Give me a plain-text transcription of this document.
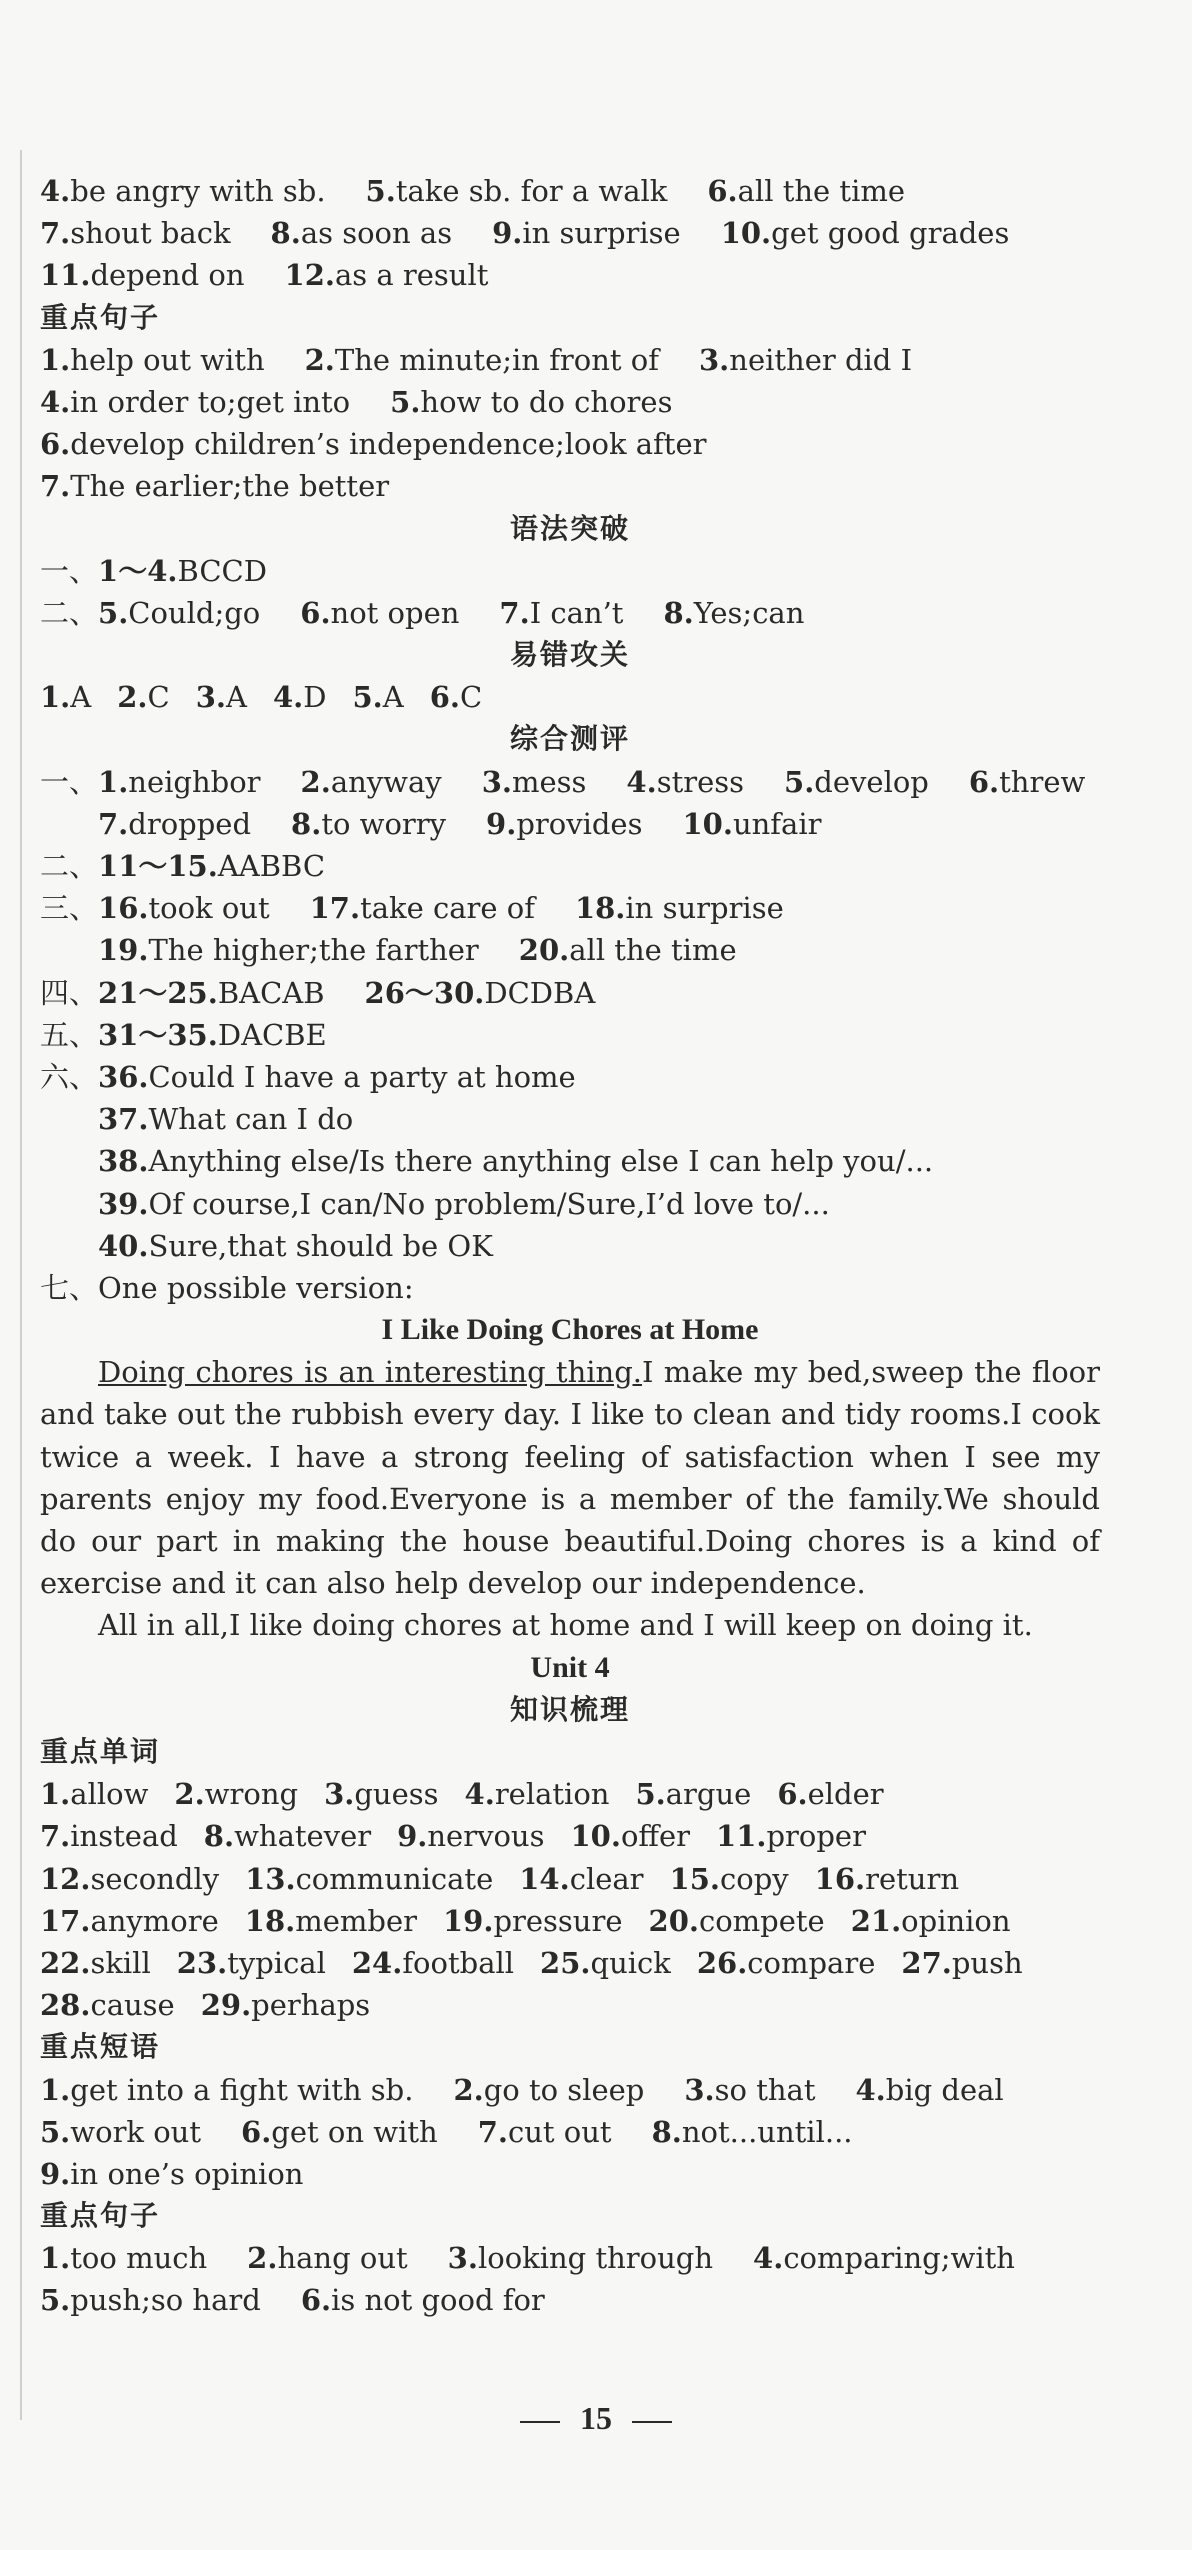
4.be angry with sb. 5.take sb. for a walk 6.all the time
7.shout back 8.as soon as 9.in surprise 10.get good grades
11.depend on 12.as a result
重点句子
1.help out with 2.The minute;in front of 3.neither did I
4.in order to;get into 5.how to do chores
6.develop children’s independence;look after
7.The earlier;the better
语法突破
一、1～4.BCCD
二、5.Could;go 6.not open 7.I can’t 8.Yes;can
易错攻关
1.A 2.C 3.A 4.D 5.A 6.C
综合测评
一、1.neighbor 2.anyway 3.mess 4.stress 5.develop 6.threw
7.dropped 8.to worry 9.provides 10.unfair
二、11～15.AABBC
三、16.took out 17.take care of 18.in surprise
19.The higher;the farther 20.all the time
四、21～25.BACAB 26～30.DCDBA
五、31～35.DACBE
六、36.Could I have a party at home
37.What can I do
38.Anything else/Is there anything else I can help you/...
39.Of course,I can/No problem/Sure,I’d love to/...
40.Sure,that should be OK
七、One possible version:
I Like Doing Chores at Home

Doing chores is an interesting thing.I make my bed,sweep the floor and take out the rubbish every day. I like to clean and tidy rooms.I cook twice a week. I have a strong feeling of satisfaction when I see my parents enjoy my food.Everyone is a member of the family.We should do our part in making the house beautiful.Doing chores is a kind of exercise and it can also help develop our independence.

All in all,I like doing chores at home and I will keep on doing it.

Unit 4
知识梳理
重点单词
1.allow 2.wrong 3.guess 4.relation 5.argue 6.elder
7.instead 8.whatever 9.nervous 10.offer 11.proper
12.secondly 13.communicate 14.clear 15.copy 16.return
17.anymore 18.member 19.pressure 20.compete 21.opinion
22.skill 23.typical 24.football 25.quick 26.compare 27.push
28.cause 29.perhaps
重点短语
1.get into a fight with sb. 2.go to sleep 3.so that 4.big deal
5.work out 6.get on with 7.cut out 8.not...until...
9.in one’s opinion
重点句子
1.too much 2.hang out 3.looking through 4.comparing;with
5.push;so hard 6.is not good for
15
